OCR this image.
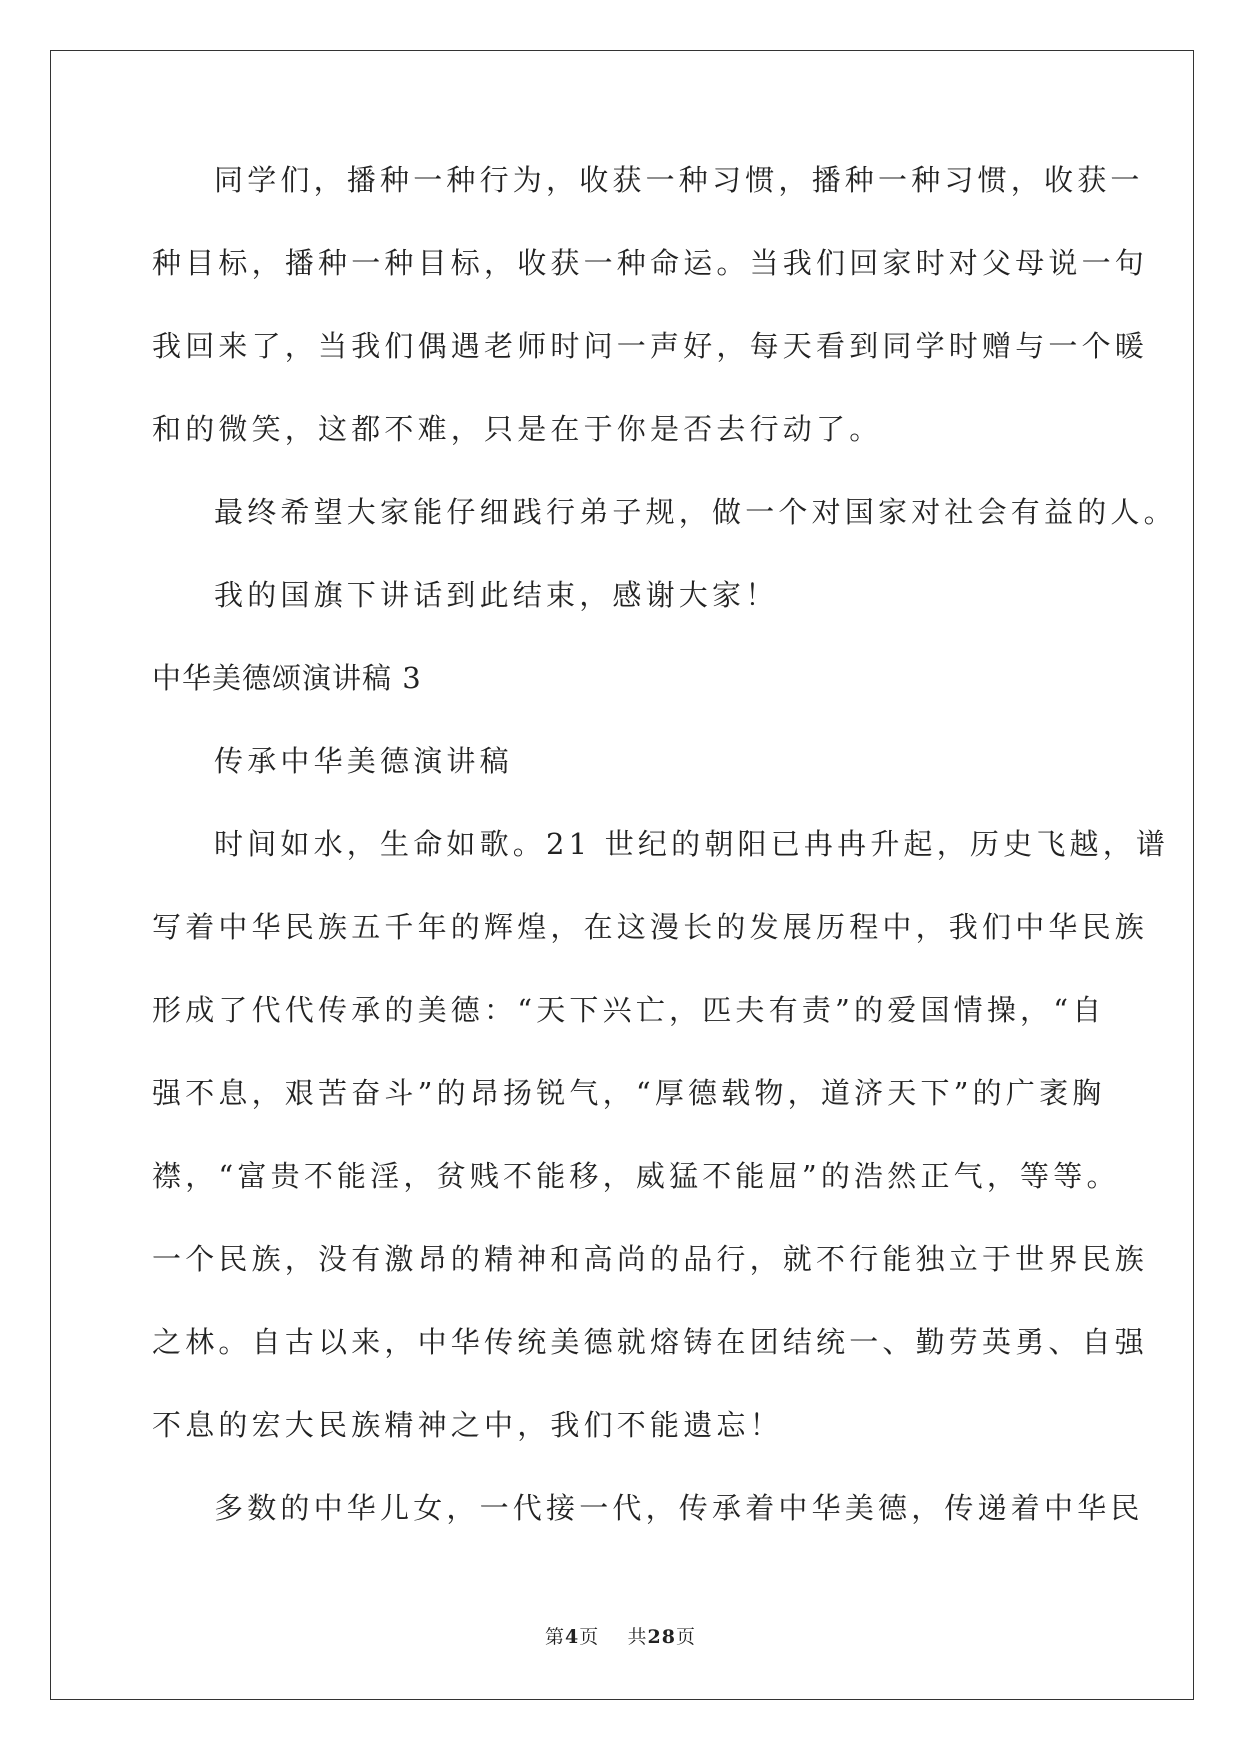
同学们，播种一种行为，收获一种习惯，播种一种习惯，收获一
种目标，播种一种目标，收获一种命运。当我们回家时对父母说一句
我回来了，当我们偶遇老师时问一声好，每天看到同学时赠与一个暖
和的微笑，这都不难，只是在于你是否去行动了。
最终希望大家能仔细践行弟子规，做一个对国家对社会有益的人。
我的国旗下讲话到此结束，感谢大家！
中华美德颂演讲稿 3
传承中华美德演讲稿
时间如水，生命如歌。21 世纪的朝阳已冉冉升起，历史飞越，谱
写着中华民族五千年的辉煌，在这漫长的发展历程中，我们中华民族
形成了代代传承的美德：“天下兴亡，匹夫有责”的爱国情操，“自
强不息，艰苦奋斗”的昂扬锐气，“厚德载物，道济天下”的广袤胸
襟，“富贵不能淫，贫贱不能移，威猛不能屈”的浩然正气，等等。
一个民族，没有激昂的精神和高尚的品行，就不行能独立于世界民族
之林。自古以来，中华传统美德就熔铸在团结统一、勤劳英勇、自强
不息的宏大民族精神之中，我们不能遗忘！
多数的中华儿女，一代接一代，传承着中华美德，传递着中华民
第4页 共28页
